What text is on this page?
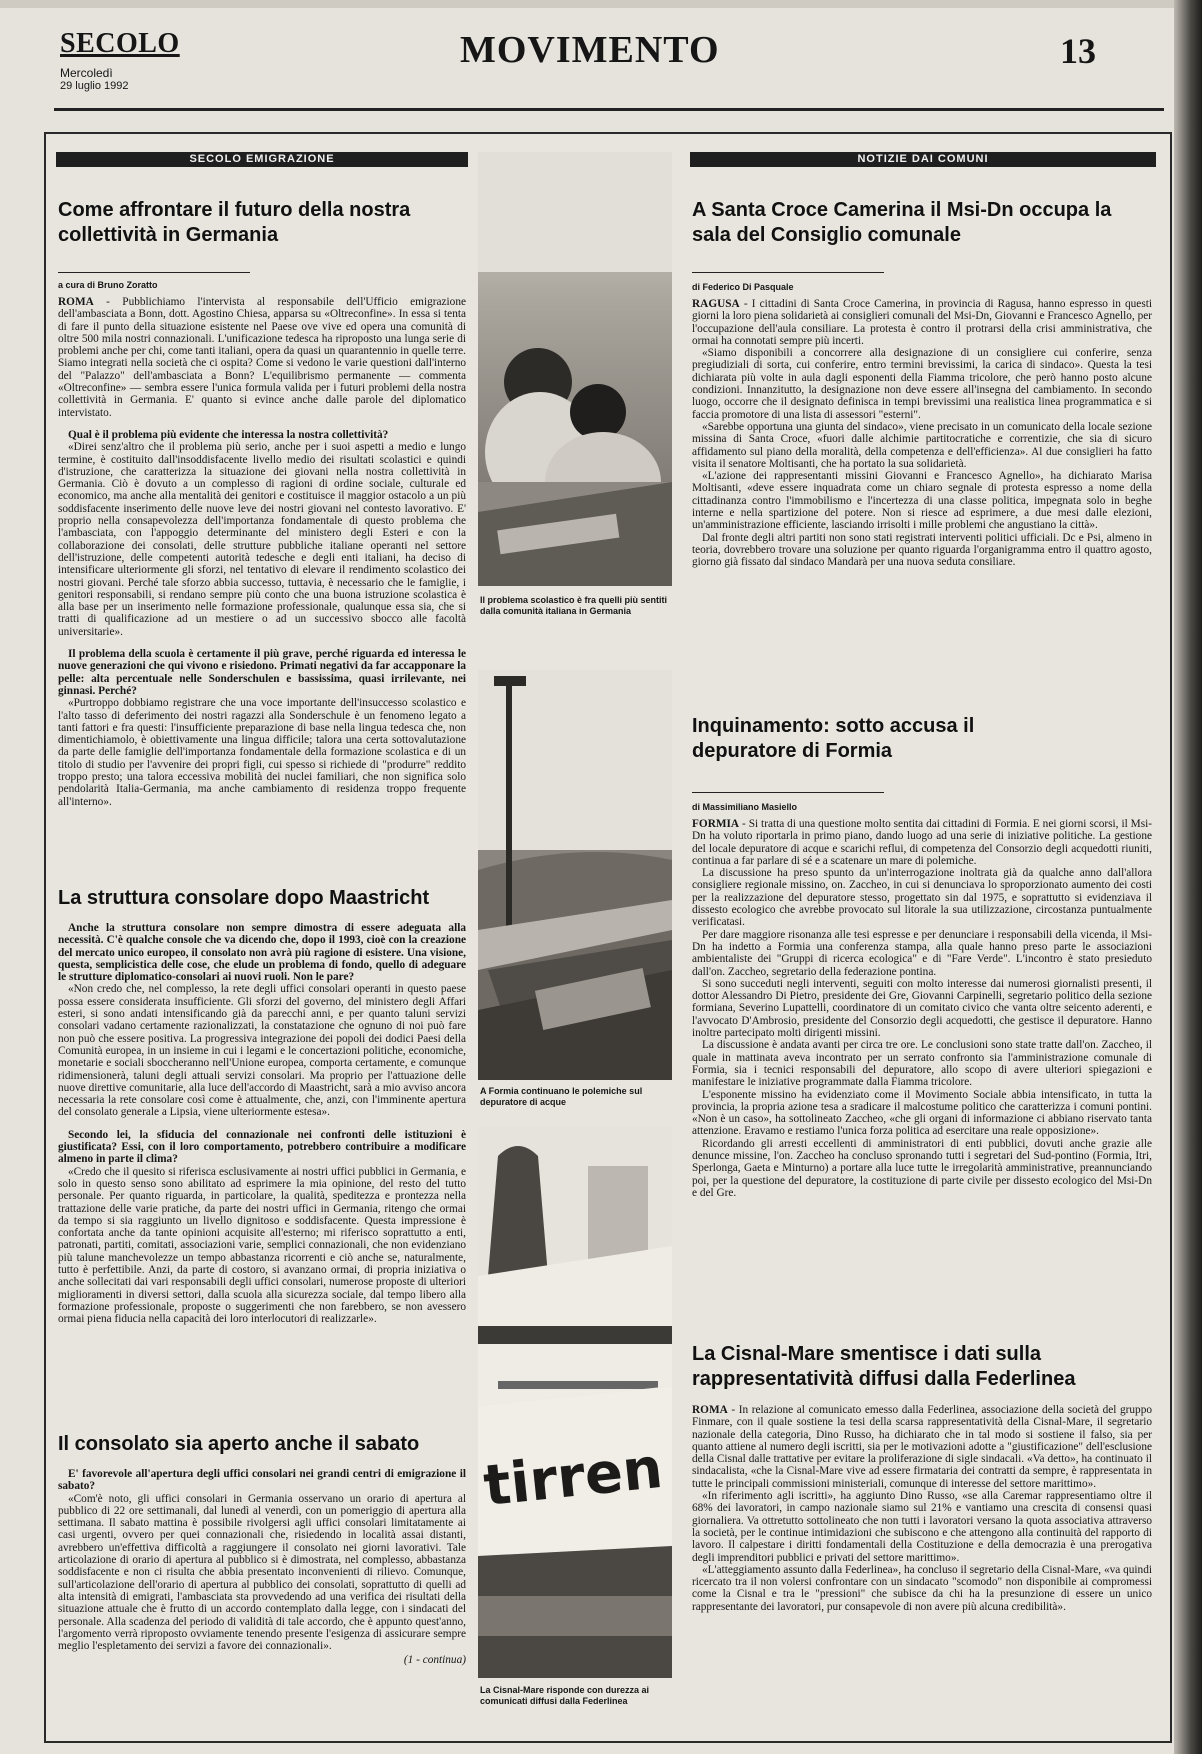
SECOLO
Mercoledì
29 luglio 1992
MOVIMENTO	13
SECOLO EMIGRAZIONE
Come affrontare il futuro della nostra collettività in Germania
a cura di Bruno Zoratto

ROMA - Pubblichiamo l'intervista al responsabile dell'Ufficio emigrazione dell'ambasciata a Bonn, dott. Agostino Chiesa, apparsa su «Oltreconfine». In essa si tenta di fare il punto della situazione esistente nel Paese ove vive ed opera una comunità di oltre 500 mila nostri connazionali. L'unificazione tedesca ha riproposto una lunga serie di problemi anche per chi, come tanti italiani, opera da quasi un quarantennio in quelle terre. Siamo integrati nella società che ci ospita? Come si vedono le varie questioni dall'interno del "Palazzo" dell'ambasciata a Bonn? L'equilibrismo permanente — commenta «Oltreconfine» — sembra essere l'unica formula valida per i futuri problemi della nostra collettività in Germania. E' quanto si evince anche dalle parole del diplomatico intervistato.

Qual è il problema più evidente che interessa la nostra collettività?

«Direi senz'altro che il problema più serio, anche per i suoi aspetti a medio e lungo termine, è costituito dall'insoddisfacente livello medio dei risultati scolastici e quindi d'istruzione, che caratterizza la situazione dei giovani nella nostra collettività in Germania. Ciò è dovuto a un complesso di ragioni di ordine sociale, culturale ed economico, ma anche alla mentalità dei genitori e costituisce il maggior ostacolo a un più soddisfacente inserimento delle nuove leve dei nostri giovani nel contesto lavorativo. E' proprio nella consapevolezza dell'importanza fondamentale di questo problema che l'ambasciata, con l'appoggio determinante del ministero degli Esteri e con la collaborazione dei consolati, delle strutture pubbliche italiane operanti nel settore dell'istruzione, delle competenti autorità tedesche e degli enti italiani, ha deciso di intensificare ulteriormente gli sforzi, nel tentativo di elevare il rendimento scolastico dei nostri giovani. Perché tale sforzo abbia successo, tuttavia, è necessario che le famiglie, i genitori responsabili, si rendano sempre più conto che una buona istruzione scolastica è alla base per un inserimento nelle formazione professionale, qualunque essa sia, che si tratti di qualificazione ad un mestiere o ad un successivo sbocco alle facoltà universitarie».

Il problema della scuola è certamente il più grave, perché riguarda ed interessa le nuove generazioni che qui vivono e risiedono. Primati negativi da far accapponare la pelle: alta percentuale nelle Sonderschulen e bassissima, quasi irrilevante, nei ginnasi. Perché?

«Purtroppo dobbiamo registrare che una voce importante dell'insuccesso scolastico e l'alto tasso di deferimento dei nostri ragazzi alla Sonderschule è un fenomeno legato a tanti fattori e fra questi: l'insufficiente preparazione di base nella lingua tedesca che, non dimentichiamolo, è obiettivamente una lingua difficile; talora una certa sottovalutazione da parte delle famiglie dell'importanza fondamentale della formazione scolastica e di un titolo di studio per l'avvenire dei propri figli, cui spesso si richiede di "produrre" reddito troppo presto; una talora eccessiva mobilità dei nuclei familiari, che non significa solo pendolarità Italia-Germania, ma anche cambiamento di residenza troppo frequente all'interno».

La struttura consolare dopo Maastricht

Anche la struttura consolare non sempre dimostra di essere adeguata alla necessità. C'è qualche console che va dicendo che, dopo il 1993, cioè con la creazione del mercato unico europeo, il consolato non avrà più ragione di esistere. Una visione, questa, semplicistica delle cose, che elude un problema di fondo, quello di adeguare le strutture diplomatico-consolari ai nuovi ruoli. Non le pare?

«Non credo che, nel complesso, la rete degli uffici consolari operanti in questo paese possa essere considerata insufficiente. Gli sforzi del governo, del ministero degli Affari esteri, si sono andati intensificando già da parecchi anni, e per quanto taluni servizi consolari vadano certamente razionalizzati, la constatazione che ognuno di noi può fare non può che essere positiva. La progressiva integrazione dei popoli dei dodici Paesi della Comunità europea, in un insieme in cui i legami e le concertazioni politiche, economiche, monetarie e sociali sboccheranno nell'Unione europea, comporta certamente, e comunque ridimensionerà, taluni degli attuali servizi consolari. Ma proprio per l'attuazione delle nuove direttive comunitarie, alla luce dell'accordo di Maastricht, sarà a mio avviso ancora necessaria la rete consolare così come è attualmente, che, anzi, con l'imminente apertura del consolato generale a Lipsia, viene ulteriormente estesa».

Secondo lei, la sfiducia del connazionale nei confronti delle istituzioni è giustificata? Essi, con il loro comportamento, potrebbero contribuire a modificare almeno in parte il clima?

«Credo che il quesito si riferisca esclusivamente ai nostri uffici pubblici in Germania, e solo in questo senso sono abilitato ad esprimere la mia opinione, del resto del tutto personale. Per quanto riguarda, in particolare, la qualità, speditezza e prontezza nella trattazione delle varie pratiche, da parte dei nostri uffici in Germania, ritengo che ormai da tempo si sia raggiunto un livello dignitoso e soddisfacente. Questa impressione è confortata anche da tante opinioni acquisite all'esterno; mi riferisco soprattutto a enti, patronati, partiti, comitati, associazioni varie, semplici connazionali, che non evidenziano più talune manchevolezze un tempo abbastanza ricorrenti e ciò anche se, naturalmente, tutto è perfettibile. Anzi, da parte di costoro, si avanzano ormai, di propria iniziativa o anche sollecitati dai vari responsabili degli uffici consolari, numerose proposte di ulteriori miglioramenti in diversi settori, dalla scuola alla sicurezza sociale, dal tempo libero alla formazione professionale, proposte o suggerimenti che non farebbero, se non avessero ormai piena fiducia nella capacità dei loro interlocutori di realizzarle».

Il consolato sia aperto anche il sabato

E' favorevole all'apertura degli uffici consolari nei grandi centri di emigrazione il sabato?

«Com'è noto, gli uffici consolari in Germania osservano un orario di apertura al pubblico di 22 ore settimanali, dal lunedì al venerdì, con un pomeriggio di apertura alla settimana. Il sabato mattina è possibile rivolgersi agli uffici consolari limitatamente ai casi urgenti, ovvero per quei connazionali che, risiedendo in località assai distanti, avrebbero un'effettiva difficoltà a raggiungere il consolato nei giorni lavorativi. Tale articolazione di orario di apertura al pubblico si è dimostrata, nel complesso, abbastanza soddisfacente e non ci risulta che abbia presentato inconvenienti di rilievo. Comunque, sull'articolazione dell'orario di apertura al pubblico dei consolati, soprattutto di quelli ad alta intensità di emigrati, l'ambasciata sta provvedendo ad una verifica dei risultati della situazione attuale che è frutto di un accordo contemplato dalla legge, con i sindacati del personale. Alla scadenza del periodo di validità di tale accordo, che è appunto quest'anno, l'argomento verrà riproposto ovviamente tenendo presente l'esigenza di assicurare sempre meglio l'espletamento dei servizi a favore dei connazionali».

(1 - continua)
Il problema scolastico è fra quelli più sentiti dalla comunità italiana in Germania
A Formia continuano le polemiche sul depuratore di acque
tirren
La Cisnal-Mare risponde con durezza ai comunicati diffusi dalla Federlinea
NOTIZIE DAI COMUNI
A Santa Croce Camerina il Msi-Dn occupa la sala del Consiglio comunale
di Federico Di Pasquale

RAGUSA - I cittadini di Santa Croce Camerina, in provincia di Ragusa, hanno espresso in questi giorni la loro piena solidarietà ai consiglieri comunali del Msi-Dn, Giovanni e Francesco Agnello, per l'occupazione dell'aula consiliare. La protesta è contro il protrarsi della crisi amministrativa, che ormai ha connotati sempre più incerti.

«Siamo disponibili a concorrere alla designazione di un consigliere cui conferire, senza pregiudiziali di sorta, cui conferire, entro termini brevissimi, la carica di sindaco». Questa la tesi dichiarata più volte in aula dagli esponenti della Fiamma tricolore, che però hanno posto alcune condizioni. Innanzitutto, la designazione non deve essere all'insegna del cambiamento. In secondo luogo, occorre che il designato definisca in tempi brevissimi una realistica linea programmatica e si faccia promotore di una lista di assessori "esterni".

«Sarebbe opportuna una giunta del sindaco», viene precisato in un comunicato della locale sezione missina di Santa Croce, «fuori dalle alchimie partitocratiche e correntizie, che sia di sicuro affidamento sul piano della moralità, della competenza e dell'efficienza». Al due consiglieri ha fatto visita il senatore Moltisanti, che ha portato la sua solidarietà.

«L'azione dei rappresentanti missini Giovanni e Francesco Agnello», ha dichiarato Marisa Moltisanti, «deve essere inquadrata come un chiaro segnale di protesta espresso a nome della cittadinanza contro l'immobilismo e l'incertezza di una classe politica, impegnata solo in beghe interne e nella spartizione del potere. Non si riesce ad esprimere, a due mesi dalle elezioni, un'amministrazione efficiente, lasciando irrisolti i mille problemi che angustiano la città».

Dal fronte degli altri partiti non sono stati registrati interventi politici ufficiali. Dc e Psi, almeno in teoria, dovrebbero trovare una soluzione per quanto riguarda l'organigramma entro il quattro agosto, giorno già fissato dal sindaco Mandarà per una nuova seduta consiliare.

Inquinamento: sotto accusa il depuratore di Formia
di Massimiliano Masiello

FORMIA - Si tratta di una questione molto sentita dai cittadini di Formia. E nei giorni scorsi, il Msi-Dn ha voluto riportarla in primo piano, dando luogo ad una serie di iniziative politiche. La gestione del locale depuratore di acque e scarichi reflui, di competenza del Consorzio degli acquedotti riuniti, continua a far parlare di sé e a scatenare un mare di polemiche.

La discussione ha preso spunto da un'interrogazione inoltrata già da qualche anno dall'allora consigliere regionale missino, on. Zaccheo, in cui si denunciava lo sproporzionato aumento dei costi per la realizzazione del depuratore stesso, progettato sin dal 1975, e soprattutto si evidenziava il dissesto ecologico che avrebbe provocato sul litorale la sua utilizzazione, circostanza puntualmente verificatasi.

Per dare maggiore risonanza alle tesi espresse e per denunciare i responsabili della vicenda, il Msi-Dn ha indetto a Formia una conferenza stampa, alla quale hanno preso parte le associazioni ambientaliste dei "Gruppi di ricerca ecologica" e di "Fare Verde". L'incontro è stato presieduto dall'on. Zaccheo, segretario della federazione pontina.

Si sono succeduti negli interventi, seguiti con molto interesse dai numerosi giornalisti presenti, il dottor Alessandro Di Pietro, presidente dei Gre, Giovanni Carpinelli, segretario politico della sezione formiana, Severino Lupattelli, coordinatore di un comitato civico che vanta oltre seicento aderenti, e l'avvocato D'Ambrosio, presidente del Consorzio degli acquedotti, che gestisce il depuratore. Hanno inoltre partecipato molti dirigenti missini.

La discussione è andata avanti per circa tre ore. Le conclusioni sono state tratte dall'on. Zaccheo, il quale in mattinata aveva incontrato per un serrato confronto sia l'amministrazione comunale di Formia, sia i tecnici responsabili del depuratore, allo scopo di avere ulteriori spiegazioni e manifestare le iniziative programmate dalla Fiamma tricolore.

L'esponente missino ha evidenziato come il Movimento Sociale abbia intensificato, in tutta la provincia, la propria azione tesa a sradicare il malcostume politico che caratterizza i comuni pontini. «Non è un caso», ha sottolineato Zaccheo, «che gli organi di informazione ci abbiano riservato tanta attenzione. Eravamo e restiamo l'unica forza politica ad esercitare una reale opposizione».

Ricordando gli arresti eccellenti di amministratori di enti pubblici, dovuti anche grazie alle denunce missine, l'on. Zaccheo ha concluso spronando tutti i segretari del Sud-pontino (Formia, Itri, Sperlonga, Gaeta e Minturno) a portare alla luce tutte le irregolarità amministrative, preannunciando poi, per la questione del depuratore, la costituzione di parte civile per dissesto ecologico del Msi-Dn e del Gre.

La Cisnal-Mare smentisce i dati sulla rappresentatività diffusi dalla Federlinea

ROMA - In relazione al comunicato emesso dalla Federlinea, associazione della società del gruppo Finmare, con il quale sostiene la tesi della scarsa rappresentatività della Cisnal-Mare, il segretario nazionale della categoria, Dino Russo, ha dichiarato che in tal modo si sostiene il falso, sia per quanto attiene al numero degli iscritti, sia per le motivazioni adotte a "giustificazione" dell'esclusione della Cisnal dalle trattative per evitare la proliferazione di sigle sindacali. «Va detto», ha continuato il sindacalista, «che la Cisnal-Mare vive ad essere firmataria dei contratti da sempre, è rappresentata in tutte le principali commissioni ministeriali, comunque di interesse del settore marittimo».

«In riferimento agli iscritti», ha aggiunto Dino Russo, «se alla Caremar rappresentiamo oltre il 68% dei lavoratori, in campo nazionale siamo sul 21% e vantiamo una crescita di consensi quasi giornaliera. Va ottretutto sottolineato che non tutti i lavoratori versano la quota associativa attraverso la società, per le continue intimidazioni che subiscono e che attengono alla continuità del rapporto di lavoro. Il calpestare i diritti fondamentali della Costituzione e della democrazia è una prerogativa degli imprenditori pubblici e privati del settore marittimo».

«L'atteggiamento assunto dalla Federlinea», ha concluso il segretario della Cisnal-Mare, «va quindi ricercato tra il non volersi confrontare con un sindacato "scomodo" non disponibile ai compromessi come la Cisnal e tra le "pressioni" che subisce da chi ha la presunzione di essere un unico rappresentante dei lavoratori, pur consapevole di non avere più alcuna credibilità».
